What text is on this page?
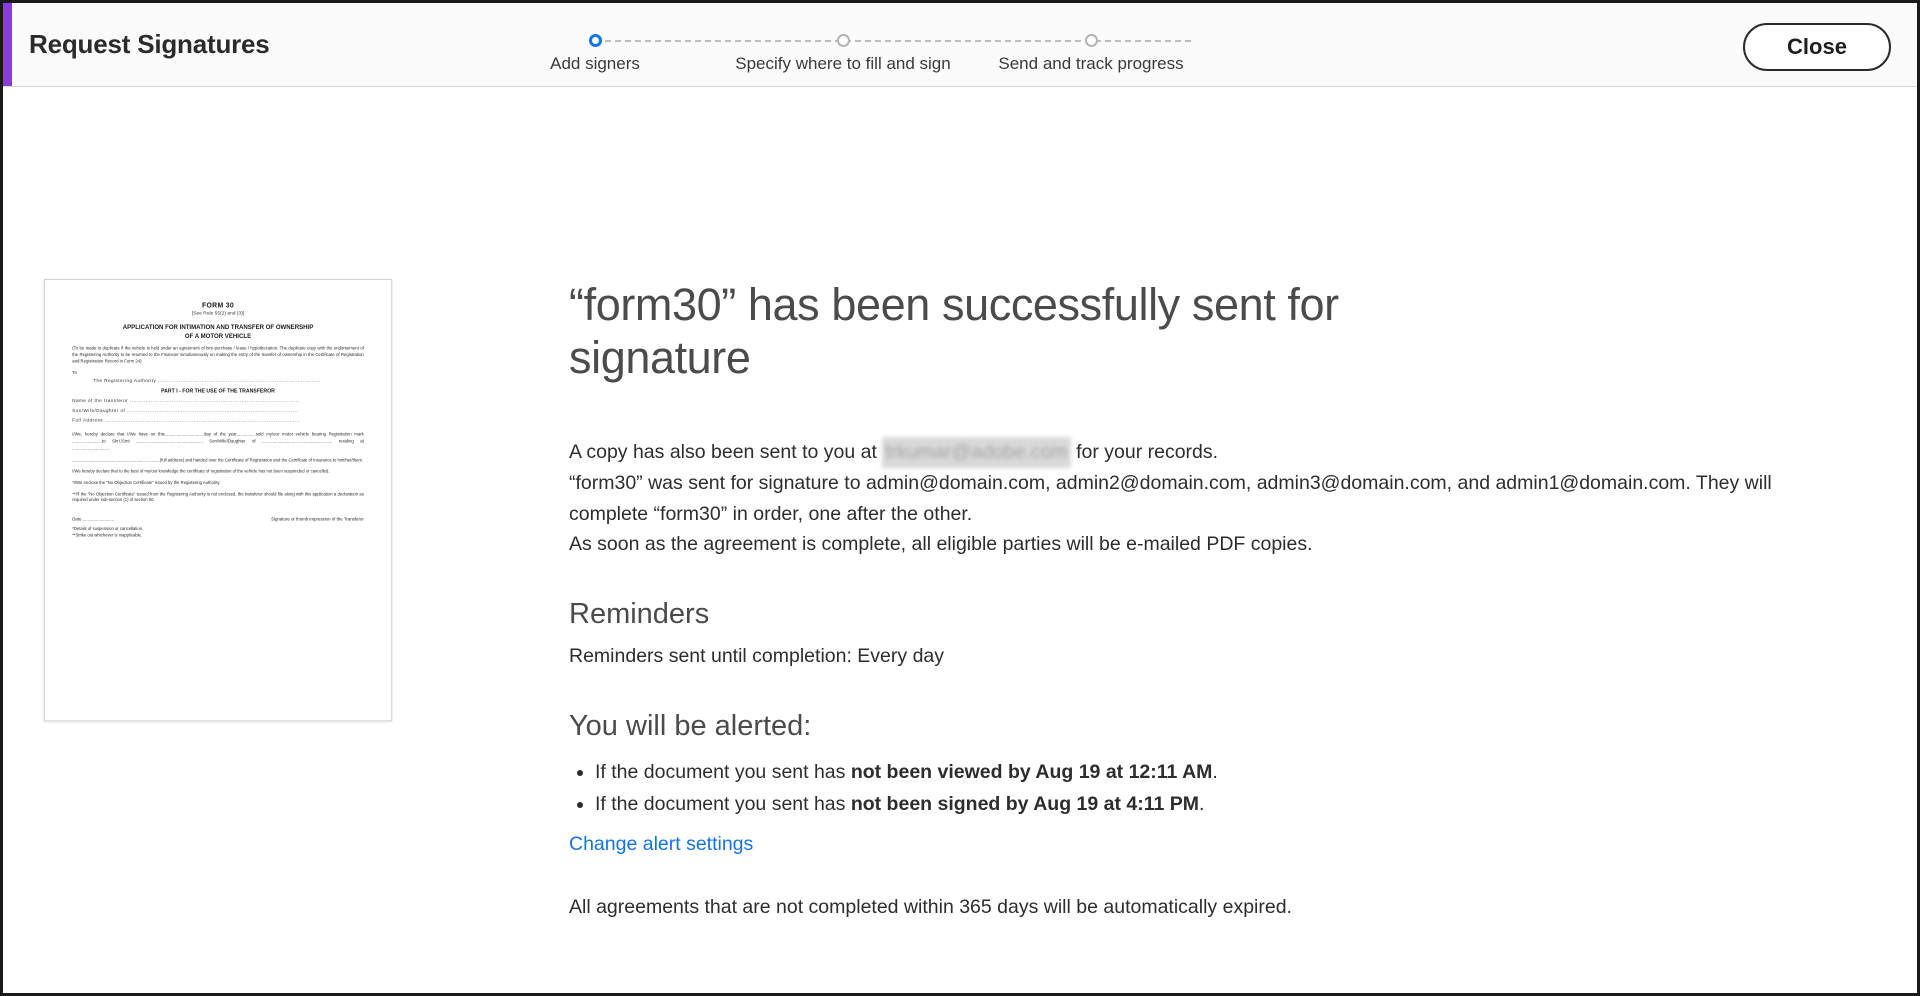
Request Signatures
Add signers	Specify where to fill and sign	Send and track progress
Close
FORM 30
[See Rule 55(2) and (3)]
APPLICATION FOR INTIMATION AND TRANSFER OF OWNERSHIP
OF A MOTOR VEHICLE
(To be made in duplicate if the vehicle is held under an agreement of hire-purchase / lease / hypothecation. The duplicate copy with the endorsement of the Registering Authority to be returned to the Financier simultaneously on making the entry of the transfer of ownership in the Certificate of Registration and Registration Record in Form 24)
To
The Registering Authority .............................................................................................
PART I - FOR THE USE OF THE TRANSFEROR
Name of the transferor .................................................................................................
Son/Wife/Daughter of ..................................................................................................
Full Address ................................................................................................................
I/We, hereby declare that I/We have on this.................................day of the year................sold my/our motor vehicle bearing Registration mark .........................to Shri./Smt ........................................................ Son/Wife/Daughter of ........................................................... residing at ...............................
...........................................................................(full address) and handed over the Certificate of Registration and the Certificate of Insurance to him/her/them.
I/We hereby declare that to the best of my/our knowledge the certificate of registration of the vehicle has not been suspended or cancelled.
*I/We enclose the "No Objection Certificate" issued by the Registering Authority.
**I'll the "No Objection Certificate" issued from the Registering Authority is not enclosed, the transferor should file along with this application a declaration as required under sub-section (1) of section 50.
Date ..........................	Signature or thumb impression of the Transferor
*Details of suspension or cancellation.
**Strike out whichever is inapplicable.
“form30” has been successfully sent for signature
A copy has also been sent to you at trkumar@adobe.com for your records.
“form30” was sent for signature to admin@domain.com, admin2@domain.com, admin3@domain.com, and admin1@domain.com. They will complete “form30” in order, one after the other.
As soon as the agreement is complete, all eligible parties will be e-mailed PDF copies.
Reminders
Reminders sent until completion: Every day
You will be alerted:
• If the document you sent has not been viewed by Aug 19 at 12:11 AM.
• If the document you sent has not been signed by Aug 19 at 4:11 PM.
Change alert settings
All agreements that are not completed within 365 days will be automatically expired.
